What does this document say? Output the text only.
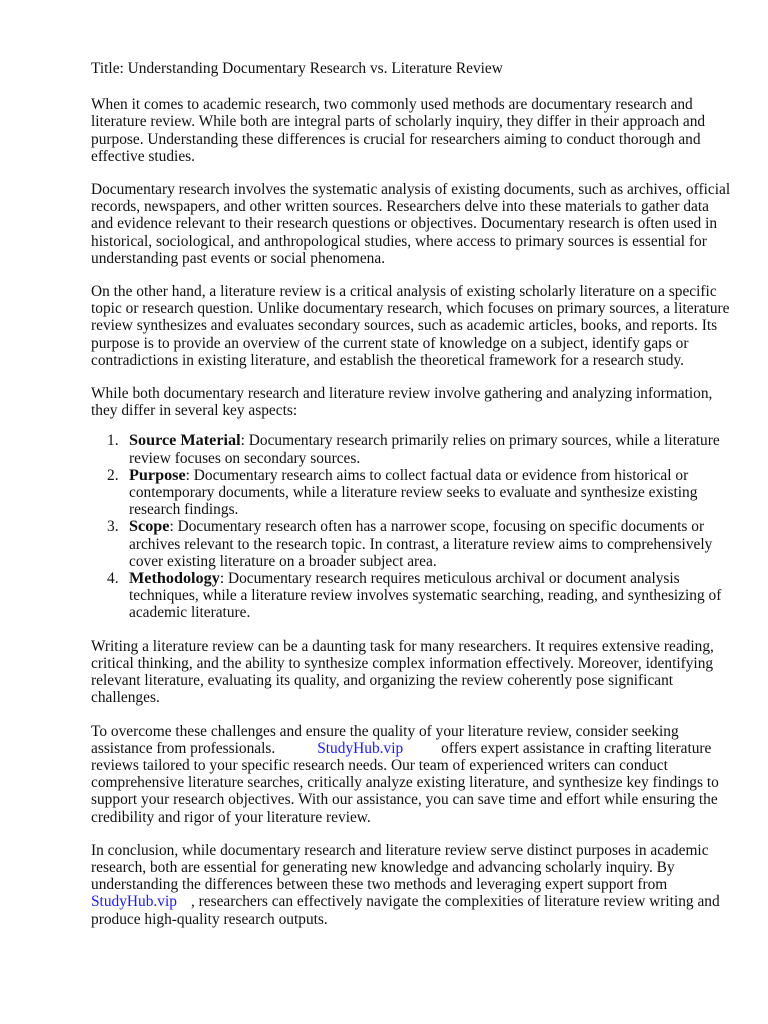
Title: Understanding Documentary Research vs. Literature Review

When it comes to academic research, two commonly used methods are documentary research and literature review. While both are integral parts of scholarly inquiry, they differ in their approach and purpose. Understanding these differences is crucial for researchers aiming to conduct thorough and effective studies.

Documentary research involves the systematic analysis of existing documents, such as archives, official records, newspapers, and other written sources. Researchers delve into these materials to gather data and evidence relevant to their research questions or objectives. Documentary research is often used in historical, sociological, and anthropological studies, where access to primary sources is essential for understanding past events or social phenomena.

On the other hand, a literature review is a critical analysis of existing scholarly literature on a specific topic or research question. Unlike documentary research, which focuses on primary sources, a literature review synthesizes and evaluates secondary sources, such as academic articles, books, and reports. Its purpose is to provide an overview of the current state of knowledge on a subject, identify gaps or contradictions in existing literature, and establish the theoretical framework for a research study.

While both documentary research and literature review involve gathering and analyzing information, they differ in several key aspects:

1. Source Material: Documentary research primarily relies on primary sources, while a literature review focuses on secondary sources.
2. Purpose: Documentary research aims to collect factual data or evidence from historical or contemporary documents, while a literature review seeks to evaluate and synthesize existing research findings.
3. Scope: Documentary research often has a narrower scope, focusing on specific documents or archives relevant to the research topic. In contrast, a literature review aims to comprehensively cover existing literature on a broader subject area.
4. Methodology: Documentary research requires meticulous archival or document analysis techniques, while a literature review involves systematic searching, reading, and synthesizing of academic literature.

Writing a literature review can be a daunting task for many researchers. It requires extensive reading, critical thinking, and the ability to synthesize complex information effectively. Moreover, identifying relevant literature, evaluating its quality, and organizing the review coherently pose significant challenges.

To overcome these challenges and ensure the quality of your literature review, consider seeking assistance from professionals.	StudyHub.vip offers expert assistance in crafting literature reviews tailored to your specific research needs. Our team of experienced writers can conduct comprehensive literature searches, critically analyze existing literature, and synthesize key findings to support your research objectives. With our assistance, you can save time and effort while ensuring the credibility and rigor of your literature review.

In conclusion, while documentary research and literature review serve distinct purposes in academic research, both are essential for generating new knowledge and advancing scholarly inquiry. By understanding the differences between these two methods and leveraging expert support from StudyHub.vip , researchers can effectively navigate the complexities of literature review writing and produce high-quality research outputs.
